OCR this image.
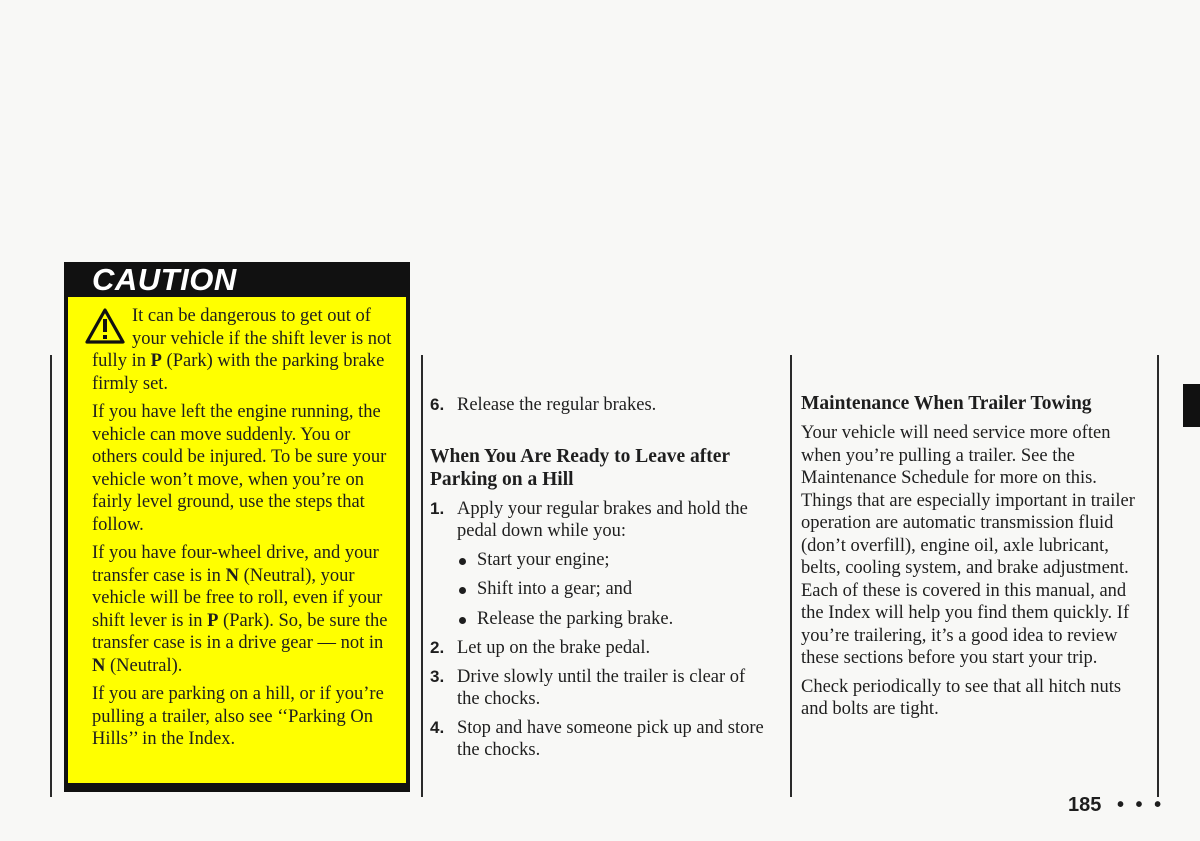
CAUTION

It can be dangerous to get out of your vehicle if the shift lever is not fully in P (Park) with the parking brake firmly set.

If you have left the engine running, the vehicle can move suddenly. You or others could be injured. To be sure your vehicle won’t move, when you’re on fairly level ground, use the steps that follow.

If you have four-wheel drive, and your transfer case is in N (Neutral), your vehicle will be free to roll, even if your shift lever is in P (Park). So, be sure the transfer case is in a drive gear — not in N (Neutral).

If you are parking on a hill, or if you’re pulling a trailer, also see ‘‘Parking On Hills’’ in the Index.

6. Release the regular brakes.
When You Are Ready to Leave after Parking on a Hill
1. Apply your regular brakes and hold the pedal down while you:
Start your engine;
Shift into a gear; and
Release the parking brake.
2. Let up on the brake pedal.
3. Drive slowly until the trailer is clear of the chocks.
4. Stop and have someone pick up and store the chocks.
Maintenance When Trailer Towing

Your vehicle will need service more often when you’re pulling a trailer. See the Maintenance Schedule for more on this. Things that are especially important in trailer operation are automatic transmission fluid (don’t overfill), engine oil, axle lubricant, belts, cooling system, and brake adjustment. Each of these is covered in this manual, and the Index will help you find them quickly. If you’re trailering, it’s a good idea to review these sections before you start your trip.

Check periodically to see that all hitch nuts and bolts are tight.

185 • • •
